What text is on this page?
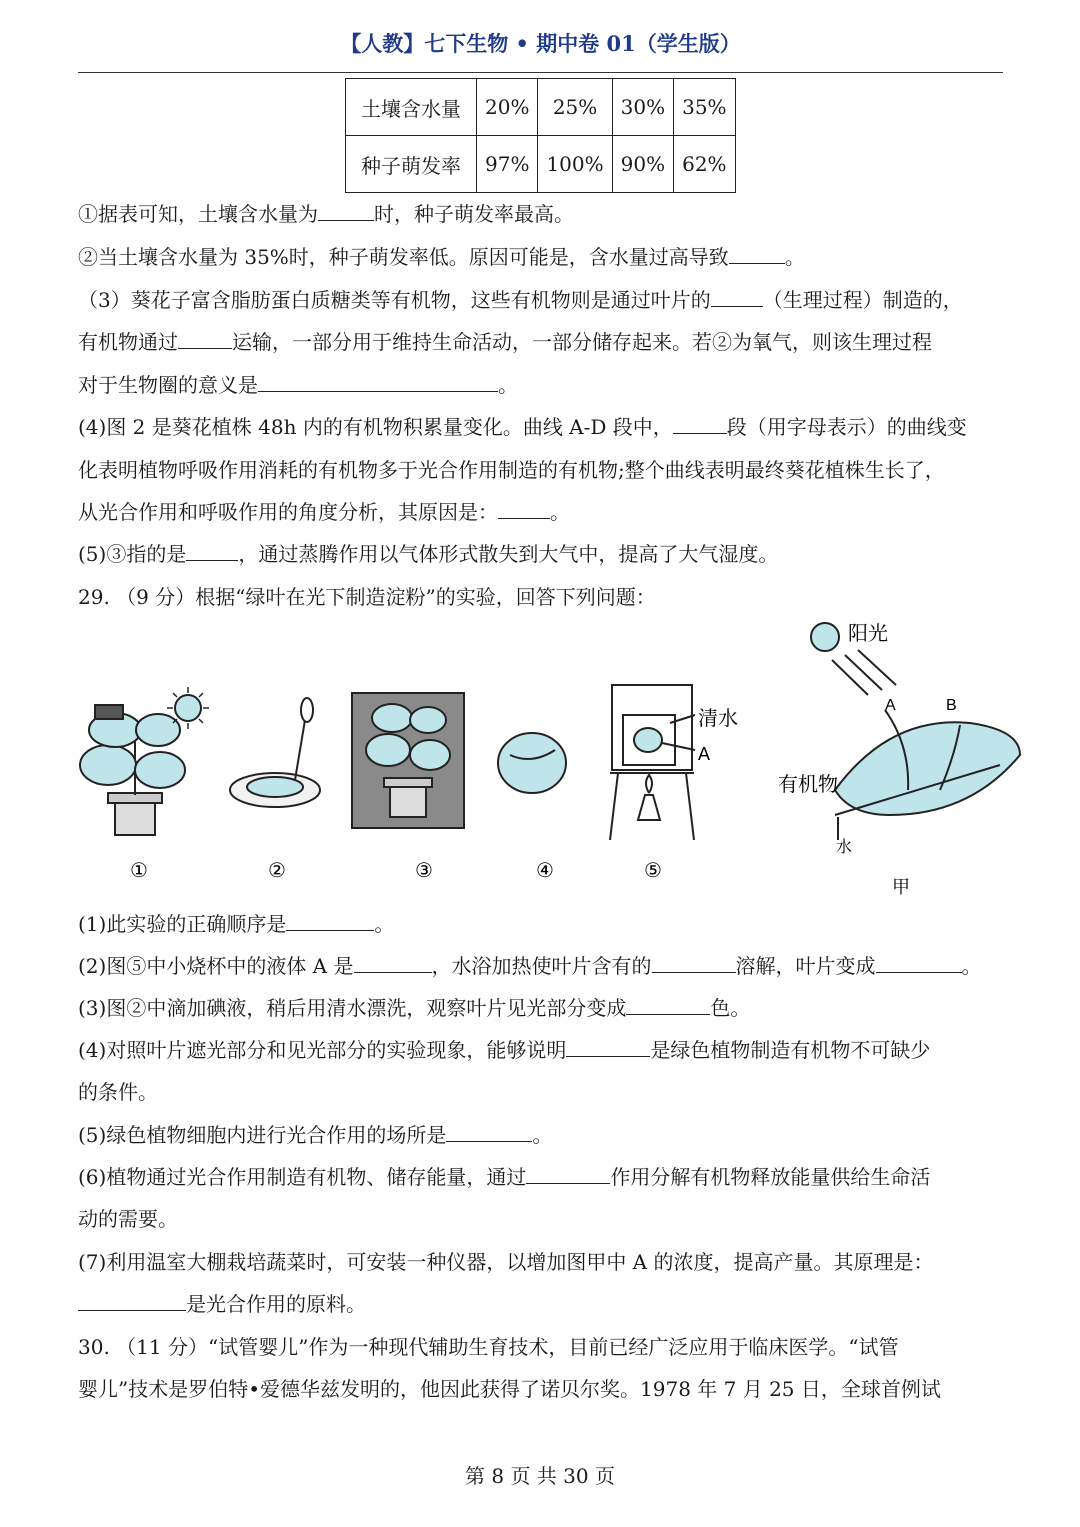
【人教】七下生物 • 期中卷 01（学生版）
土壤含水量	20%	25%	30%	35%
种子萌发率	97%	100%	90%	62%
①据表可知，土壤含水量为	时，种子萌发率最高。
②当土壤含水量为 35%时，种子萌发率低。原因可能是，含水量过高导致	。
（3）葵花子富含脂肪蛋白质糖类等有机物，这些有机物则是通过叶片的	（生理过程）制造的，
有机物通过	运输，一部分用于维持生命活动，一部分储存起来。若②为氧气，则该生理过程
对于生物圈的意义是	。
(4)图 2 是葵花植株 48h 内的有机物积累量变化。曲线 A-D 段中，	段（用字母表示）的曲线变
化表明植物呼吸作用消耗的有机物多于光合作用制造的有机物;整个曲线表明最终葵花植株生长了，
从光合作用和呼吸作用的角度分析，其原因是：	。
(5)③指的是	，通过蒸腾作用以气体形式散失到大气中，提高了大气湿度。
29. （9 分）根据“绿叶在光下制造淀粉”的实验，回答下列问题：
清水
A
①	②	③	④	⑤
阳光
A	B
有机物
水
甲
(1)此实验的正确顺序是	。
(2)图⑤中小烧杯中的液体 A 是	，水浴加热使叶片含有的	溶解，叶片变成	。
(3)图②中滴加碘液，稍后用清水漂洗，观察叶片见光部分变成	色。
(4)对照叶片遮光部分和见光部分的实验现象，能够说明	是绿色植物制造有机物不可缺少
的条件。
(5)绿色植物细胞内进行光合作用的场所是	。
(6)植物通过光合作用制造有机物、储存能量，通过	作用分解有机物释放能量供给生命活
动的需要。
(7)利用温室大棚栽培蔬菜时，可安装一种仪器，以增加图甲中 A 的浓度，提高产量。其原理是：
是光合作用的原料。
30. （11 分）“试管婴儿”作为一种现代辅助生育技术，目前已经广泛应用于临床医学。“试管
婴儿”技术是罗伯特•爱德华兹发明的，他因此获得了诺贝尔奖。1978 年 7 月 25 日，全球首例试
第 8 页 共 30 页
